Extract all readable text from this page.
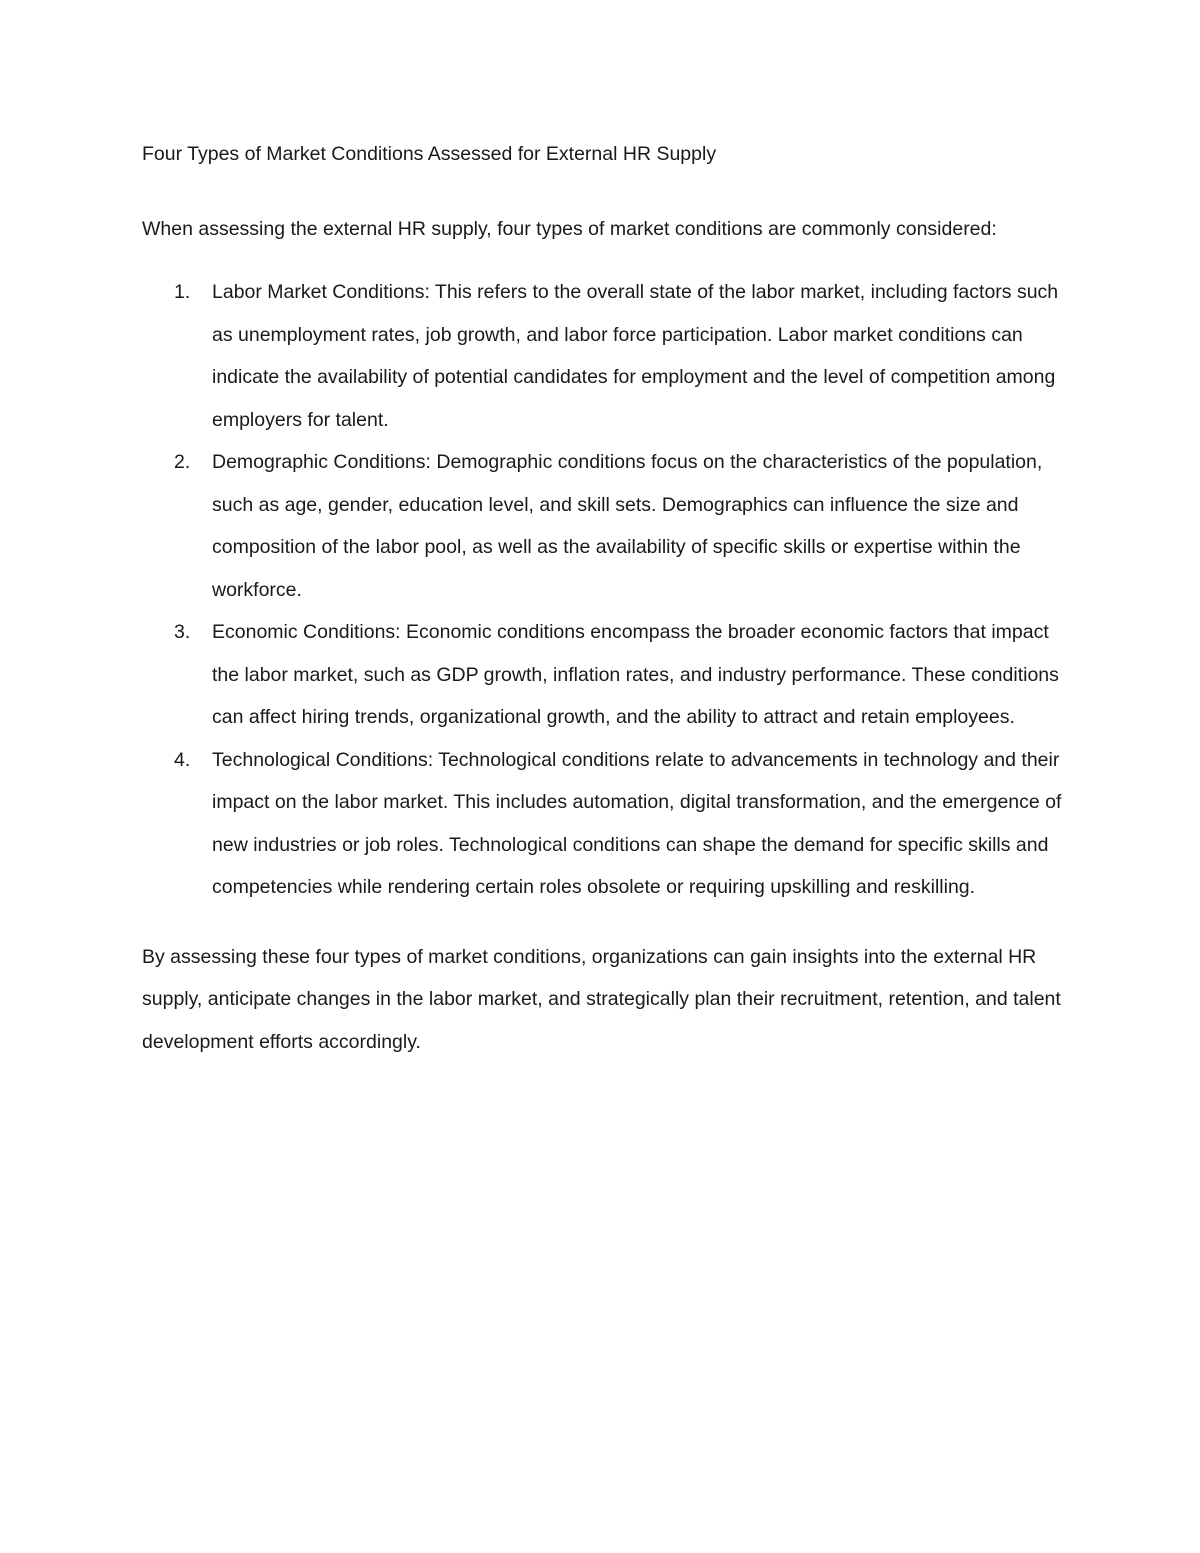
Four Types of Market Conditions Assessed for External HR Supply

When assessing the external HR supply, four types of market conditions are commonly considered:

1. Labor Market Conditions: This refers to the overall state of the labor market, including factors such as unemployment rates, job growth, and labor force participation. Labor market conditions can indicate the availability of potential candidates for employment and the level of competition among employers for talent.
2. Demographic Conditions: Demographic conditions focus on the characteristics of the population, such as age, gender, education level, and skill sets. Demographics can influence the size and composition of the labor pool, as well as the availability of specific skills or expertise within the workforce.
3. Economic Conditions: Economic conditions encompass the broader economic factors that impact the labor market, such as GDP growth, inflation rates, and industry performance. These conditions can affect hiring trends, organizational growth, and the ability to attract and retain employees.
4. Technological Conditions: Technological conditions relate to advancements in technology and their impact on the labor market. This includes automation, digital transformation, and the emergence of new industries or job roles. Technological conditions can shape the demand for specific skills and competencies while rendering certain roles obsolete or requiring upskilling and reskilling.

By assessing these four types of market conditions, organizations can gain insights into the external HR supply, anticipate changes in the labor market, and strategically plan their recruitment, retention, and talent development efforts accordingly.
